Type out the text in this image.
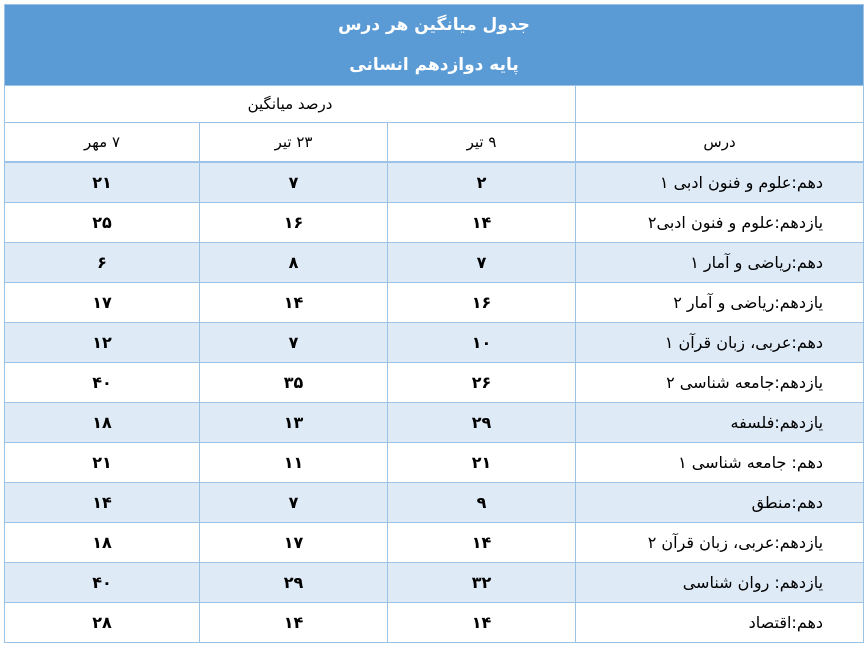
جدول میانگین هر درس			
پایه دوازدهم انسانی			
	درصد میانگین		
درس	۹ تیر	۲۳ تیر	۷ مهر
دهم:علوم و فنون ادبی ۱	۲	۷	۲۱
یازدهم:علوم و فنون ادبی۲	۱۴	۱۶	۲۵
دهم:ریاضی و آمار ۱	۷	۸	۶
یازدهم:ریاضی و آمار ۲	۱۶	۱۴	۱۷
دهم:عربی، زبان قرآن ۱	۱۰	۷	۱۲
یازدهم:جامعه شناسی ۲	۲۶	۳۵	۴۰
یازدهم:فلسفه	۲۹	۱۳	۱۸
دهم: جامعه شناسی ۱	۲۱	۱۱	۲۱
دهم:منطق	۹	۷	۱۴
یازدهم:عربی، زبان قرآن ۲	۱۴	۱۷	۱۸
یازدهم: روان شناسی	۳۲	۲۹	۴۰
دهم:اقتصاد	۱۴	۱۴	۲۸
